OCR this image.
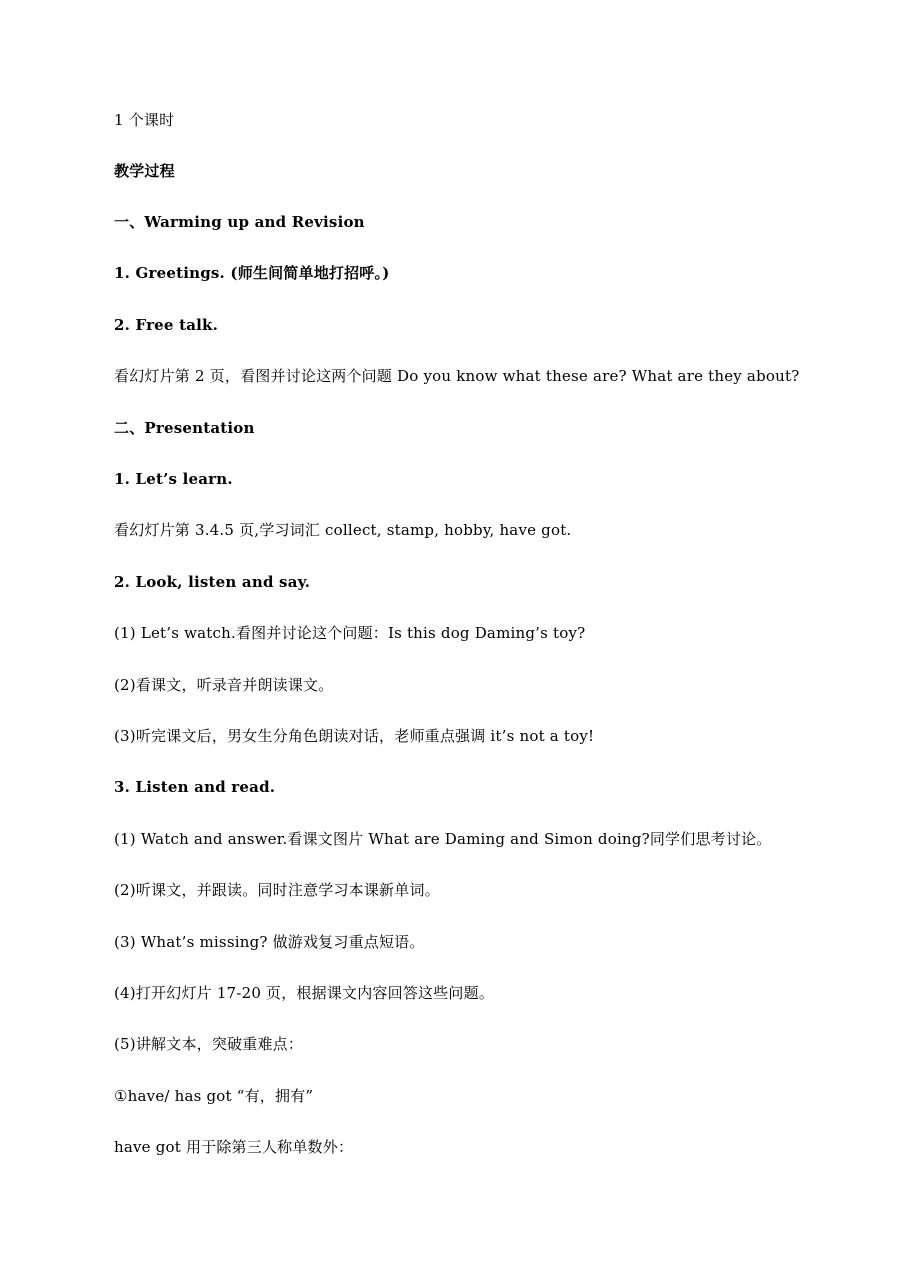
1 个课时
教学过程
一、Warming up and Revision
1. Greetings. (师生间简单地打招呼。)
2. Free talk.
看幻灯片第 2 页，看图并讨论这两个问题 Do you know what these are? What are they about?
二、Presentation
1. Let’s learn.
看幻灯片第 3.4.5 页,学习词汇 collect, stamp, hobby, have got.
2. Look, listen and say.
(1) Let’s watch.看图并讨论这个问题：Is this dog Daming’s toy?
(2)看课文，听录音并朗读课文。
(3)听完课文后，男女生分角色朗读对话，老师重点强调 it’s not a toy!
3. Listen and read.
(1) Watch and answer.看课文图片 What are Daming and Simon doing?同学们思考讨论。
(2)听课文，并跟读。同时注意学习本课新单词。
(3) What’s missing? 做游戏复习重点短语。
(4)打开幻灯片 17-20 页，根据课文内容回答这些问题。
(5)讲解文本，突破重难点：
①have/ has got “有，拥有”
have got 用于除第三人称单数外：
